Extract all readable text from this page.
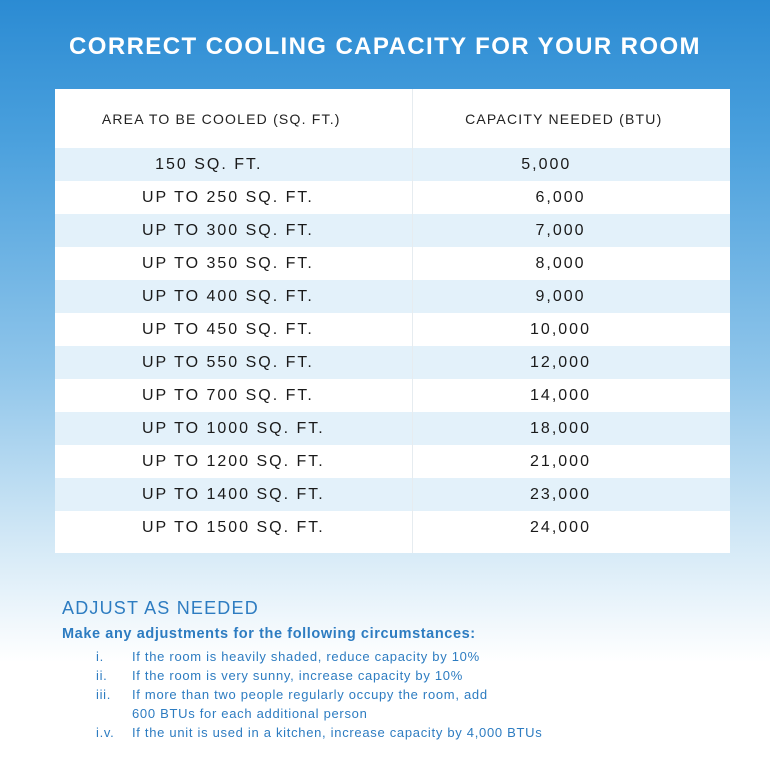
CORRECT COOLING CAPACITY FOR YOUR ROOM
AREA TO BE COOLED (SQ. FT.)	CAPACITY NEEDED (BTU)
150 SQ. FT.	5,000
UP TO 250 SQ. FT.	6,000
UP TO 300 SQ. FT.	7,000
UP TO 350 SQ. FT.	8,000
UP TO 400 SQ. FT.	9,000
UP TO 450 SQ. FT.	10,000
UP TO 550 SQ. FT.	12,000
UP TO 700 SQ. FT.	14,000
UP TO 1000 SQ. FT.	18,000
UP TO 1200 SQ. FT.	21,000
UP TO 1400 SQ. FT.	23,000
UP TO 1500 SQ. FT.	24,000
ADJUST AS NEEDED
Make any adjustments for the following circumstances:
i.	If the room is heavily shaded, reduce capacity by 10%
ii.	If the room is very sunny, increase capacity by 10%
iii.	If more than two people regularly occupy the room, add
600 BTUs for each additional person
i.v.	If the unit is used in a kitchen, increase capacity by 4,000 BTUs
